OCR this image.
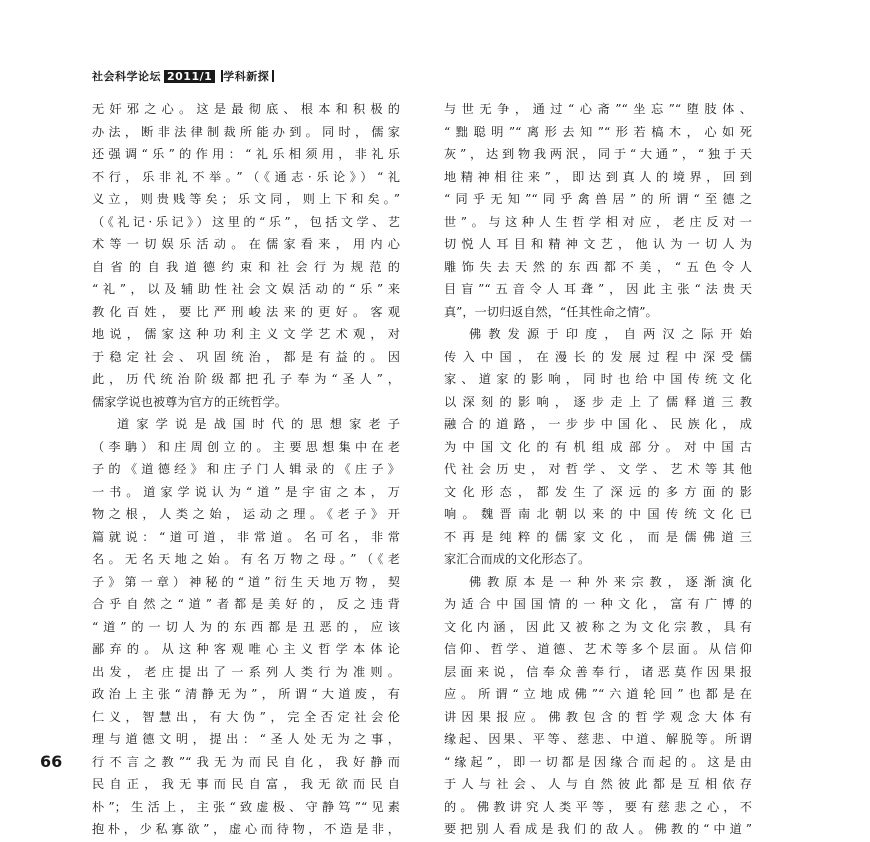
社会科学论坛 2011/1 学科新探
无奸邪之心。这是最彻底、根本和积极的
办法，断非法律制裁所能办到。同时，儒家
还强调“乐”的作用：“礼乐相须用，非礼乐
不行，乐非礼不举。”（《通志·乐论》）“礼
义立，则贵贱等矣；乐文同，则上下和矣。”
（《礼记·乐记》）这里的“乐”，包括文学、艺
术等一切娱乐活动。在儒家看来，用内心
自省的自我道德约束和社会行为规范的
“礼”，以及辅助性社会文娱活动的“乐”来
教化百姓，要比严刑峻法来的更好。客观
地说，儒家这种功利主义文学艺术观，对
于稳定社会、巩固统治，都是有益的。因
此，历代统治阶级都把孔子奉为“圣人”，
儒家学说也被尊为官方的正统哲学。
道家学说是战国时代的思想家老子
（李聃）和庄周创立的。主要思想集中在老
子的《道德经》和庄子门人辑录的《庄子》
一书。道家学说认为“道”是宇宙之本，万
物之根，人类之始，运动之理。《老子》开
篇就说：“道可道，非常道。名可名，非常
名。无名天地之始。有名万物之母。”（《老
子》第一章）神秘的“道”衍生天地万物，契
合乎自然之“道”者都是美好的，反之违背
“道”的一切人为的东西都是丑恶的，应该
鄙弃的。从这种客观唯心主义哲学本体论
出发，老庄提出了一系列人类行为准则。
政治上主张“清静无为”，所谓“大道废，有
仁义，智慧出，有大伪”，完全否定社会伦
理与道德文明，提出：“圣人处无为之事，
行不言之教”“我无为而民自化，我好静而
民自正，我无事而民自富，我无欲而民自
朴”；生活上，主张“致虚极、守静笃”“见素
抱朴，少私寡欲”，虚心而待物，不造是非，
与世无争，通过“心斋”“坐忘”“堕肢体、
“黜聪明”“离形去知”“形若槁木，心如死
灰”，达到物我两泯，同于“大通”，“独于天
地精神相往来”，即达到真人的境界，回到
“同乎无知”“同乎禽兽居”的所谓“至德之
世”。与这种人生哲学相对应，老庄反对一
切悦人耳目和精神文艺，他认为一切人为
雕饰失去天然的东西都不美，“五色令人
目盲”“五音令人耳聋”，因此主张“法贵天
真”，一切归返自然，“任其性命之情”。
佛教发源于印度，自两汉之际开始
传入中国，在漫长的发展过程中深受儒
家、道家的影响，同时也给中国传统文化
以深刻的影响，逐步走上了儒释道三教
融合的道路，一步步中国化、民族化，成
为中国文化的有机组成部分。对中国古
代社会历史，对哲学、文学、艺术等其他
文化形态，都发生了深远的多方面的影
响。魏晋南北朝以来的中国传统文化已
不再是纯粹的儒家文化，而是儒佛道三
家汇合而成的文化形态了。
佛教原本是一种外来宗教，逐渐演化
为适合中国国情的一种文化，富有广博的
文化内涵，因此又被称之为文化宗教，具有
信仰、哲学、道德、艺术等多个层面。从信仰
层面来说，信奉众善奉行，诸恶莫作因果报
应。所谓“立地成佛”“六道轮回”也都是在
讲因果报应。佛教包含的哲学观念大体有
缘起、因果、平等、慈悲、中道、解脱等。所谓
“缘起”，即一切都是因缘合而起的。这是由
于人与社会、人与自然彼此都是互相依存
的。佛教讲究人类平等，要有慈悲之心，不
要把别人看成是我们的敌人。佛教的“中道”
66
